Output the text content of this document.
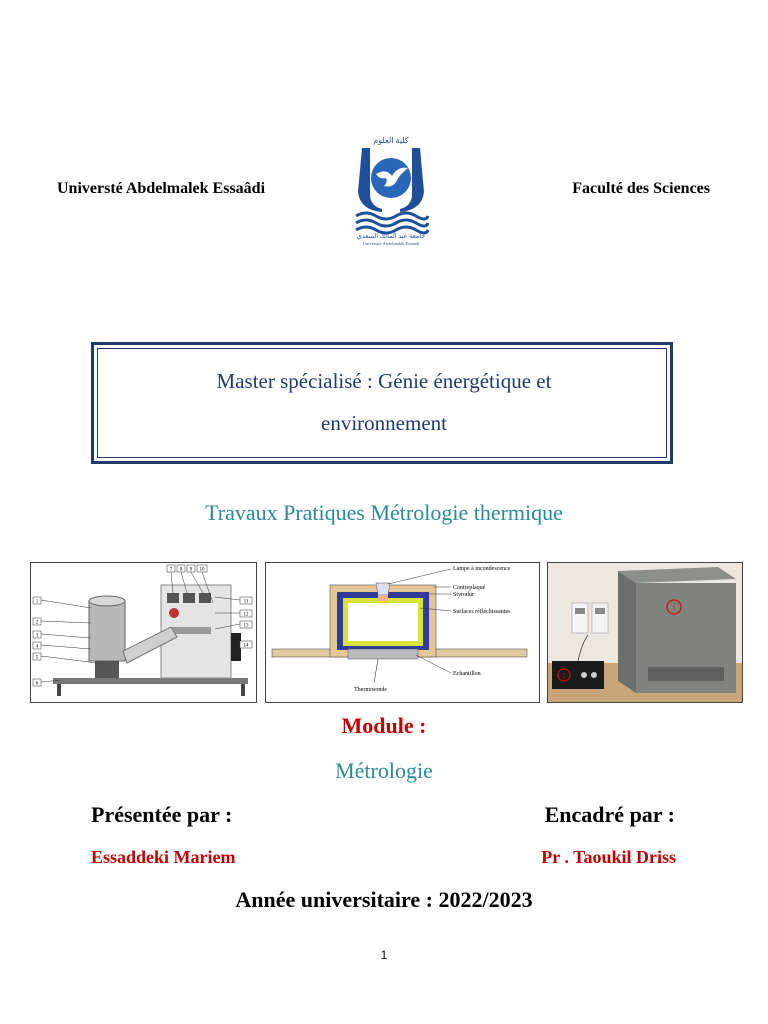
Universté Abdelmalek Essaâdi
كلية العلوم
جامعة عبد المالك السعدي
Université Abdelmalek Essaadi
Faculté des Sciences
Master spécialisé : Génie énergétique et
environnement
Travaux Pratiques Métrologie thermique
7 8 9 10
11
12
13
14
1
2
3
4
5
6
Lampe à incondescence
Contreplaqué
Styrodur
Surfaces réfléchissantes
Echantillon
Thermosonde
1
2
Module :
Métrologie
Présentée par :	Encadré par :
Essaddeki Mariem	Pr . Taoukil Driss
Année universitaire : 2022/2023
1
